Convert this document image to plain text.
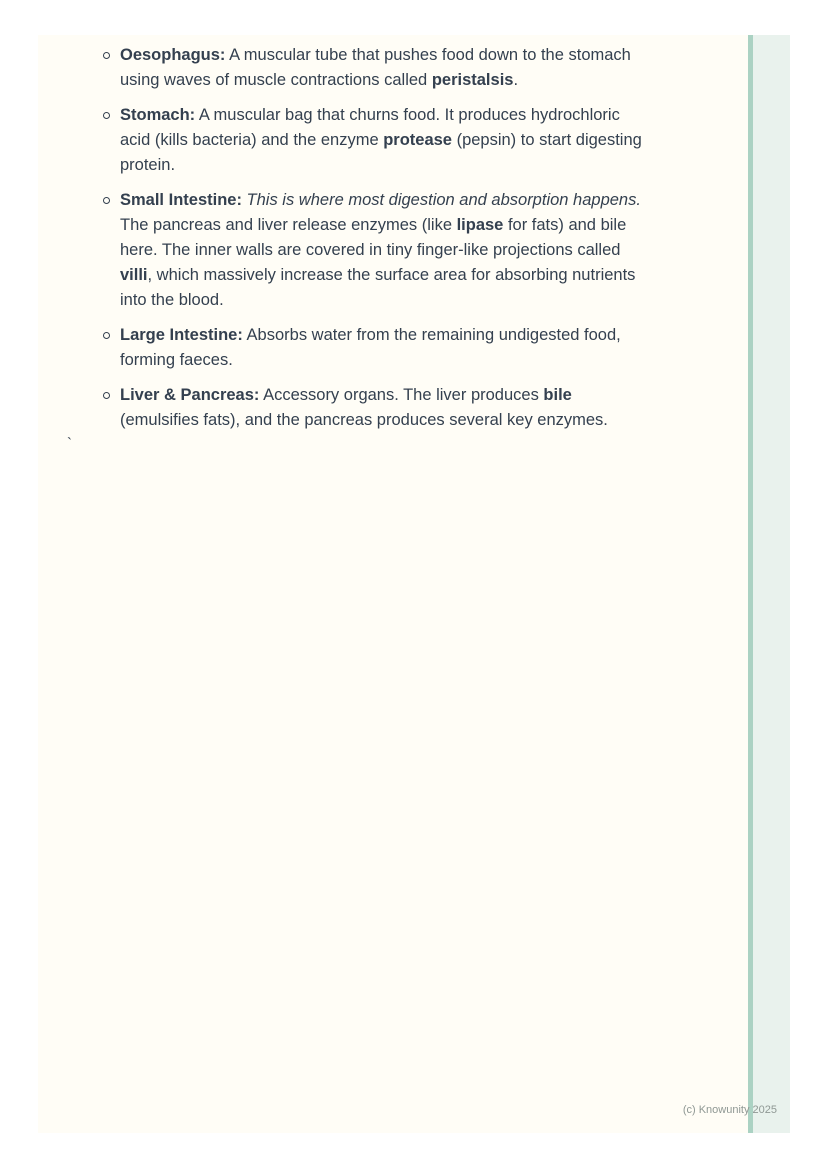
Oesophagus: A muscular tube that pushes food down to the stomach using waves of muscle contractions called peristalsis.
Stomach: A muscular bag that churns food. It produces hydrochloric acid (kills bacteria) and the enzyme protease (pepsin) to start digesting protein.
Small Intestine: This is where most digestion and absorption happens. The pancreas and liver release enzymes (like lipase for fats) and bile here. The inner walls are covered in tiny finger-like projections called villi, which massively increase the surface area for absorbing nutrients into the blood.
Large Intestine: Absorbs water from the remaining undigested food, forming faeces.
Liver & Pancreas: Accessory organs. The liver produces bile (emulsifies fats), and the pancreas produces several key enzymes.
`
(c) Knowunity 2025
